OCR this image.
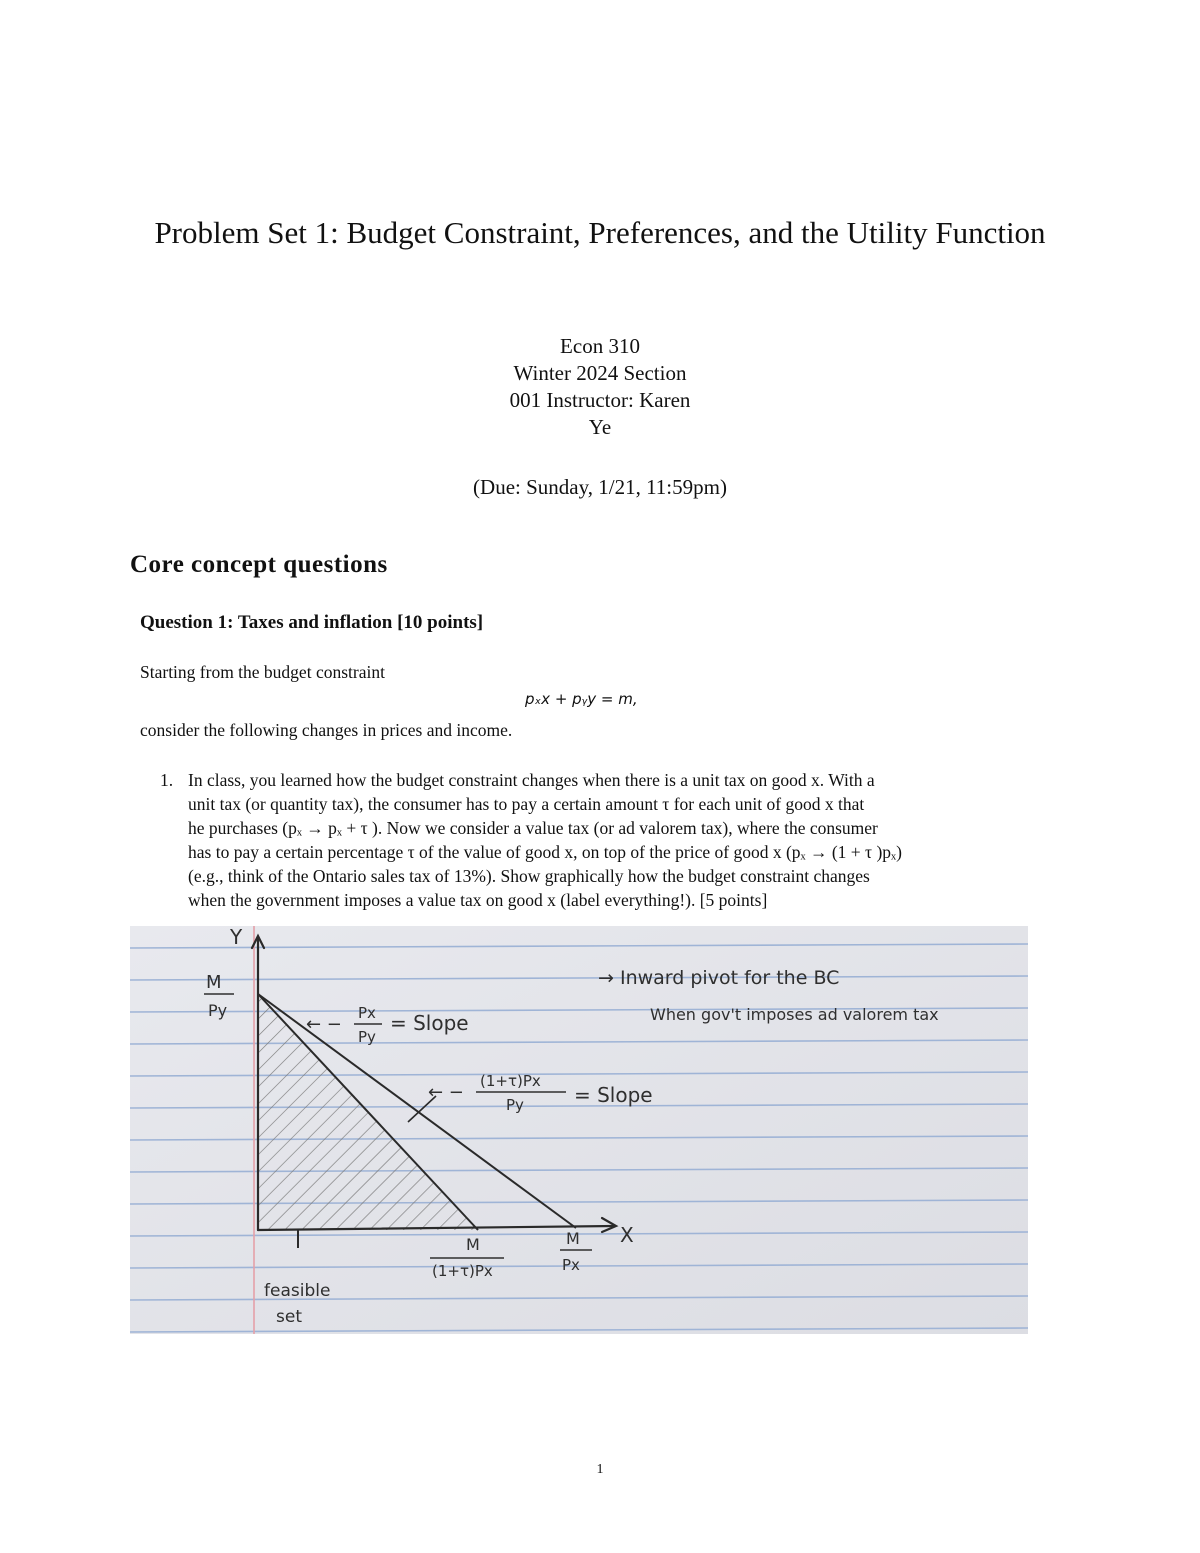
Problem Set 1: Budget Constraint, Preferences, and the Utility Function
Econ 310
Winter 2024 Section
001 Instructor: Karen
Ye
(Due: Sunday, 1/21, 11:59pm)
Core concept questions
Question 1: Taxes and inflation [10 points]
Starting from the budget constraint
pₓx + pᵧy = m,
consider the following changes in prices and income.
1. In class, you learned how the budget constraint changes when there is a unit tax on good x. With a
unit tax (or quantity tax), the consumer has to pay a certain amount τ for each unit of good x that
he purchases (pₓ → pₓ + τ ). Now we consider a value tax (or ad valorem tax), where the consumer
has to pay a certain percentage τ of the value of good x, on top of the price of good x (pₓ → (1 + τ )pₓ)
(e.g., think of the Ontario sales tax of 13%). Show graphically how the budget constraint changes
when the government imposes a value tax on good x (label everything!). [5 points]
Y
X
M
Py
← −
Px
Py
= Slope
← −
(1+τ)Px
Py	= Slope
M
(1+τ)Px
M
Px
→ Inward pivot for the BC
When gov't imposes ad valorem tax
feasible
set
1
